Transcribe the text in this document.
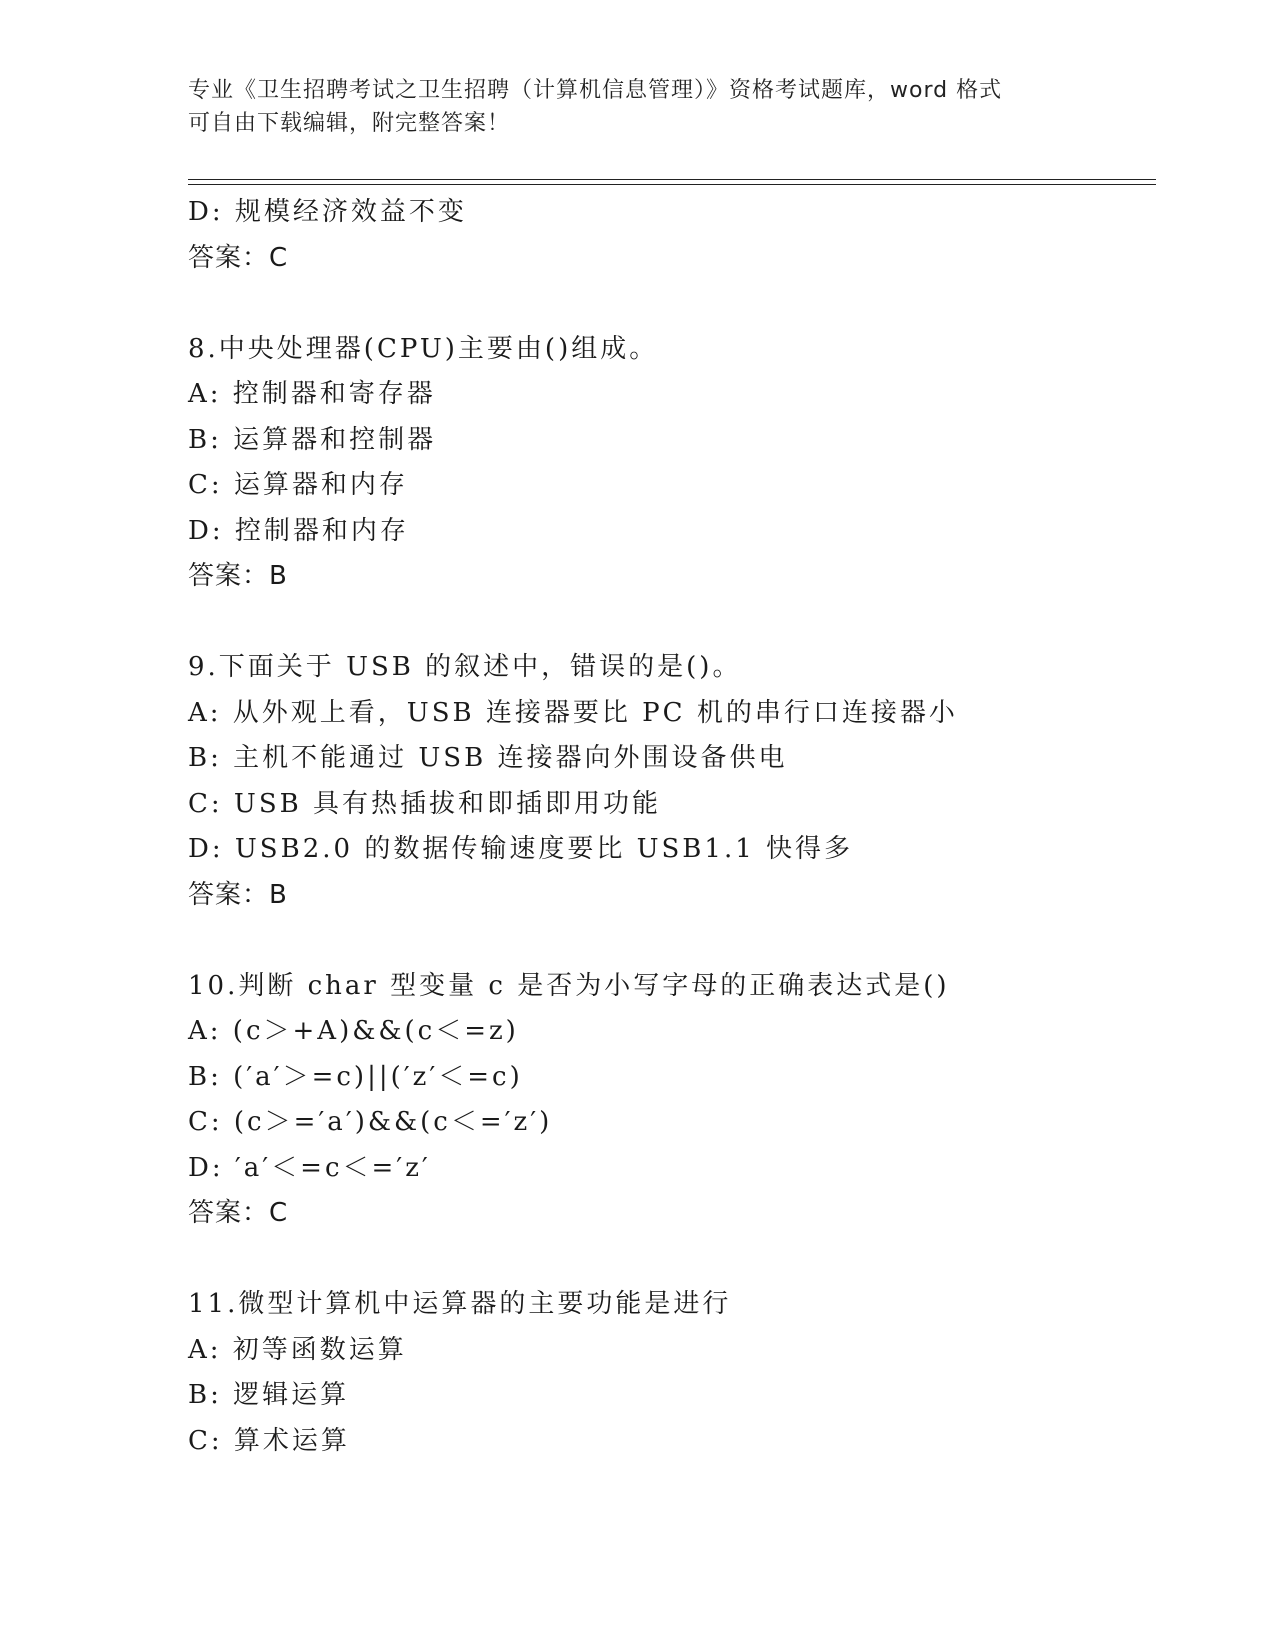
专业《卫生招聘考试之卫生招聘（计算机信息管理）》资格考试题库，word 格式
可自由下载编辑，附完整答案！
D: 规模经济效益不变
答案：C
8.中央处理器(CPU)主要由()组成。
A: 控制器和寄存器
B: 运算器和控制器
C: 运算器和内存
D: 控制器和内存
答案：B
9.下面关于 USB 的叙述中，错误的是()。
A: 从外观上看，USB 连接器要比 PC 机的串行口连接器小
B: 主机不能通过 USB 连接器向外围设备供电
C: USB 具有热插拔和即插即用功能
D: USB2.0 的数据传输速度要比 USB1.1 快得多
答案：B
10.判断 char 型变量 c 是否为小写字母的正确表达式是()
A: (c＞+A)&&(c＜=z)
B: (′a′＞=c)||(′z′＜=c)
C: (c＞=′a′)&&(c＜=′z′)
D: ′a′＜=c＜=′z′
答案：C
11.微型计算机中运算器的主要功能是进行
A: 初等函数运算
B: 逻辑运算
C: 算术运算
